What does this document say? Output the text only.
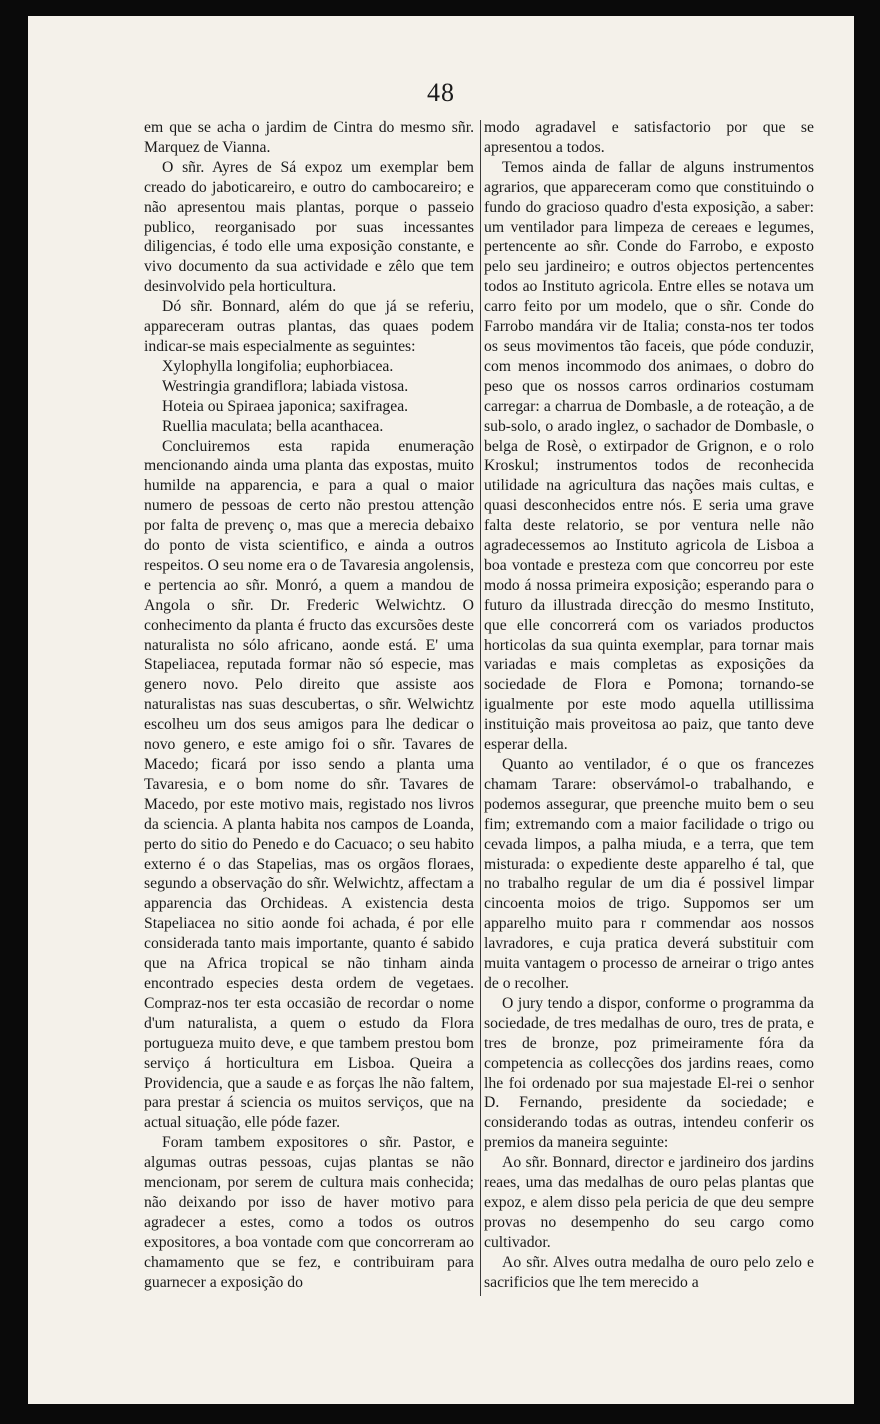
48

em que se acha o jardim de Cintra do mesmo sñr. Marquez de Vianna.

O sñr. Ayres de Sá expoz um exemplar bem creado do jaboticareiro, e outro do cambocareiro; e não apresentou mais plantas, porque o passeio publico, reorganisado por suas incessantes diligencias, é todo elle uma exposição constante, e vivo documento da sua actividade e zêlo que tem desinvolvido pela horticultura.

Dó sñr. Bonnard, além do que já se referiu, appareceram outras plantas, das quaes podem indicar-se mais especialmente as seguintes:

Xylophylla longifolia; euphorbiacea.

Westringia grandiflora; labiada vistosa.

Hoteia ou Spiraea japonica; saxifragea.

Ruellia maculata; bella acanthacea.

Concluiremos esta rapida enumeração mencionando ainda uma planta das expostas, muito humilde na apparencia, e para a qual o maior numero de pessoas de certo não prestou attenção por falta de prevenç o, mas que a merecia debaixo do ponto de vista scientifico, e ainda a outros respeitos. O seu nome era o de Tavaresia angolensis, e pertencia ao sñr. Monró, a quem a mandou de Angola o sñr. Dr. Frederic Welwichtz. O conhecimento da planta é fructo das excursões deste naturalista no sólo africano, aonde está. E' uma Stapeliacea, reputada formar não só especie, mas genero novo. Pelo direito que assiste aos naturalistas nas suas descubertas, o sñr. Welwichtz escolheu um dos seus amigos para lhe dedicar o novo genero, e este amigo foi o sñr. Tavares de Macedo; ficará por isso sendo a planta uma Tavaresia, e o bom nome do sñr. Tavares de Macedo, por este motivo mais, registado nos livros da sciencia. A planta habita nos campos de Loanda, perto do sitio do Penedo e do Cacuaco; o seu habito externo é o das Stapelias, mas os orgãos floraes, segundo a observação do sñr. Welwichtz, affectam a apparencia das Orchideas. A existencia desta Stapeliacea no sitio aonde foi achada, é por elle considerada tanto mais importante, quanto é sabido que na Africa tropical se não tinham ainda encontrado especies desta ordem de vegetaes. Compraz-nos ter esta occasião de recordar o nome d'um naturalista, a quem o estudo da Flora portugueza muito deve, e que tambem prestou bom serviço á horticultura em Lisboa. Queira a Providencia, que a saude e as forças lhe não faltem, para prestar á sciencia os muitos serviços, que na actual situação, elle póde fazer.

Foram tambem expositores o sñr. Pastor, e algumas outras pessoas, cujas plantas se não mencionam, por serem de cultura mais conhecida; não deixando por isso de haver motivo para agradecer a estes, como a todos os outros expositores, a boa vontade com que concorreram ao chamamento que se fez, e contribuiram para guarnecer a exposição do

modo agradavel e satisfactorio por que se apresentou a todos.

Temos ainda de fallar de alguns instrumentos agrarios, que appareceram como que constituindo o fundo do gracioso quadro d'esta exposição, a saber: um ventilador para limpeza de cereaes e legumes, pertencente ao sñr. Conde do Farrobo, e exposto pelo seu jardineiro; e outros objectos pertencentes todos ao Instituto agricola. Entre elles se notava um carro feito por um modelo, que o sñr. Conde do Farrobo mandára vir de Italia; consta-nos ter todos os seus movimentos tão faceis, que póde conduzir, com menos incommodo dos animaes, o dobro do peso que os nossos carros ordinarios costumam carregar: a charrua de Dombasle, a de roteação, a de sub-solo, o arado inglez, o sachador de Dombasle, o belga de Rosè, o extirpador de Grignon, e o rolo Kroskul; instrumentos todos de reconhecida utilidade na agricultura das nações mais cultas, e quasi desconhecidos entre nós. E seria uma grave falta deste relatorio, se por ventura nelle não agradecessemos ao Instituto agricola de Lisboa a boa vontade e presteza com que concorreu por este modo á nossa primeira exposição; esperando para o futuro da illustrada direcção do mesmo Instituto, que elle concorrerá com os variados productos horticolas da sua quinta exemplar, para tornar mais variadas e mais completas as exposições da sociedade de Flora e Pomona; tornando-se igualmente por este modo aquella utillissima instituição mais proveitosa ao paiz, que tanto deve esperar della.

Quanto ao ventilador, é o que os francezes chamam Tarare: observámol-o trabalhando, e podemos assegurar, que preenche muito bem o seu fim; extremando com a maior facilidade o trigo ou cevada limpos, a palha miuda, e a terra, que tem misturada: o expediente deste apparelho é tal, que no trabalho regular de um dia é possivel limpar cincoenta moios de trigo. Suppomos ser um apparelho muito para r commendar aos nossos lavradores, e cuja pratica deverá substituir com muita vantagem o processo de arneirar o trigo antes de o recolher.

O jury tendo a dispor, conforme o programma da sociedade, de tres medalhas de ouro, tres de prata, e tres de bronze, poz primeiramente fóra da competencia as collecções dos jardins reaes, como lhe foi ordenado por sua majestade El-rei o senhor D. Fernando, presidente da sociedade; e considerando todas as outras, intendeu conferir os premios da maneira seguinte:

Ao sñr. Bonnard, director e jardineiro dos jardins reaes, uma das medalhas de ouro pelas plantas que expoz, e alem disso pela pericia de que deu sempre provas no desempenho do seu cargo como cultivador.

Ao sñr. Alves outra medalha de ouro pelo zelo e sacrificios que lhe tem merecido a
